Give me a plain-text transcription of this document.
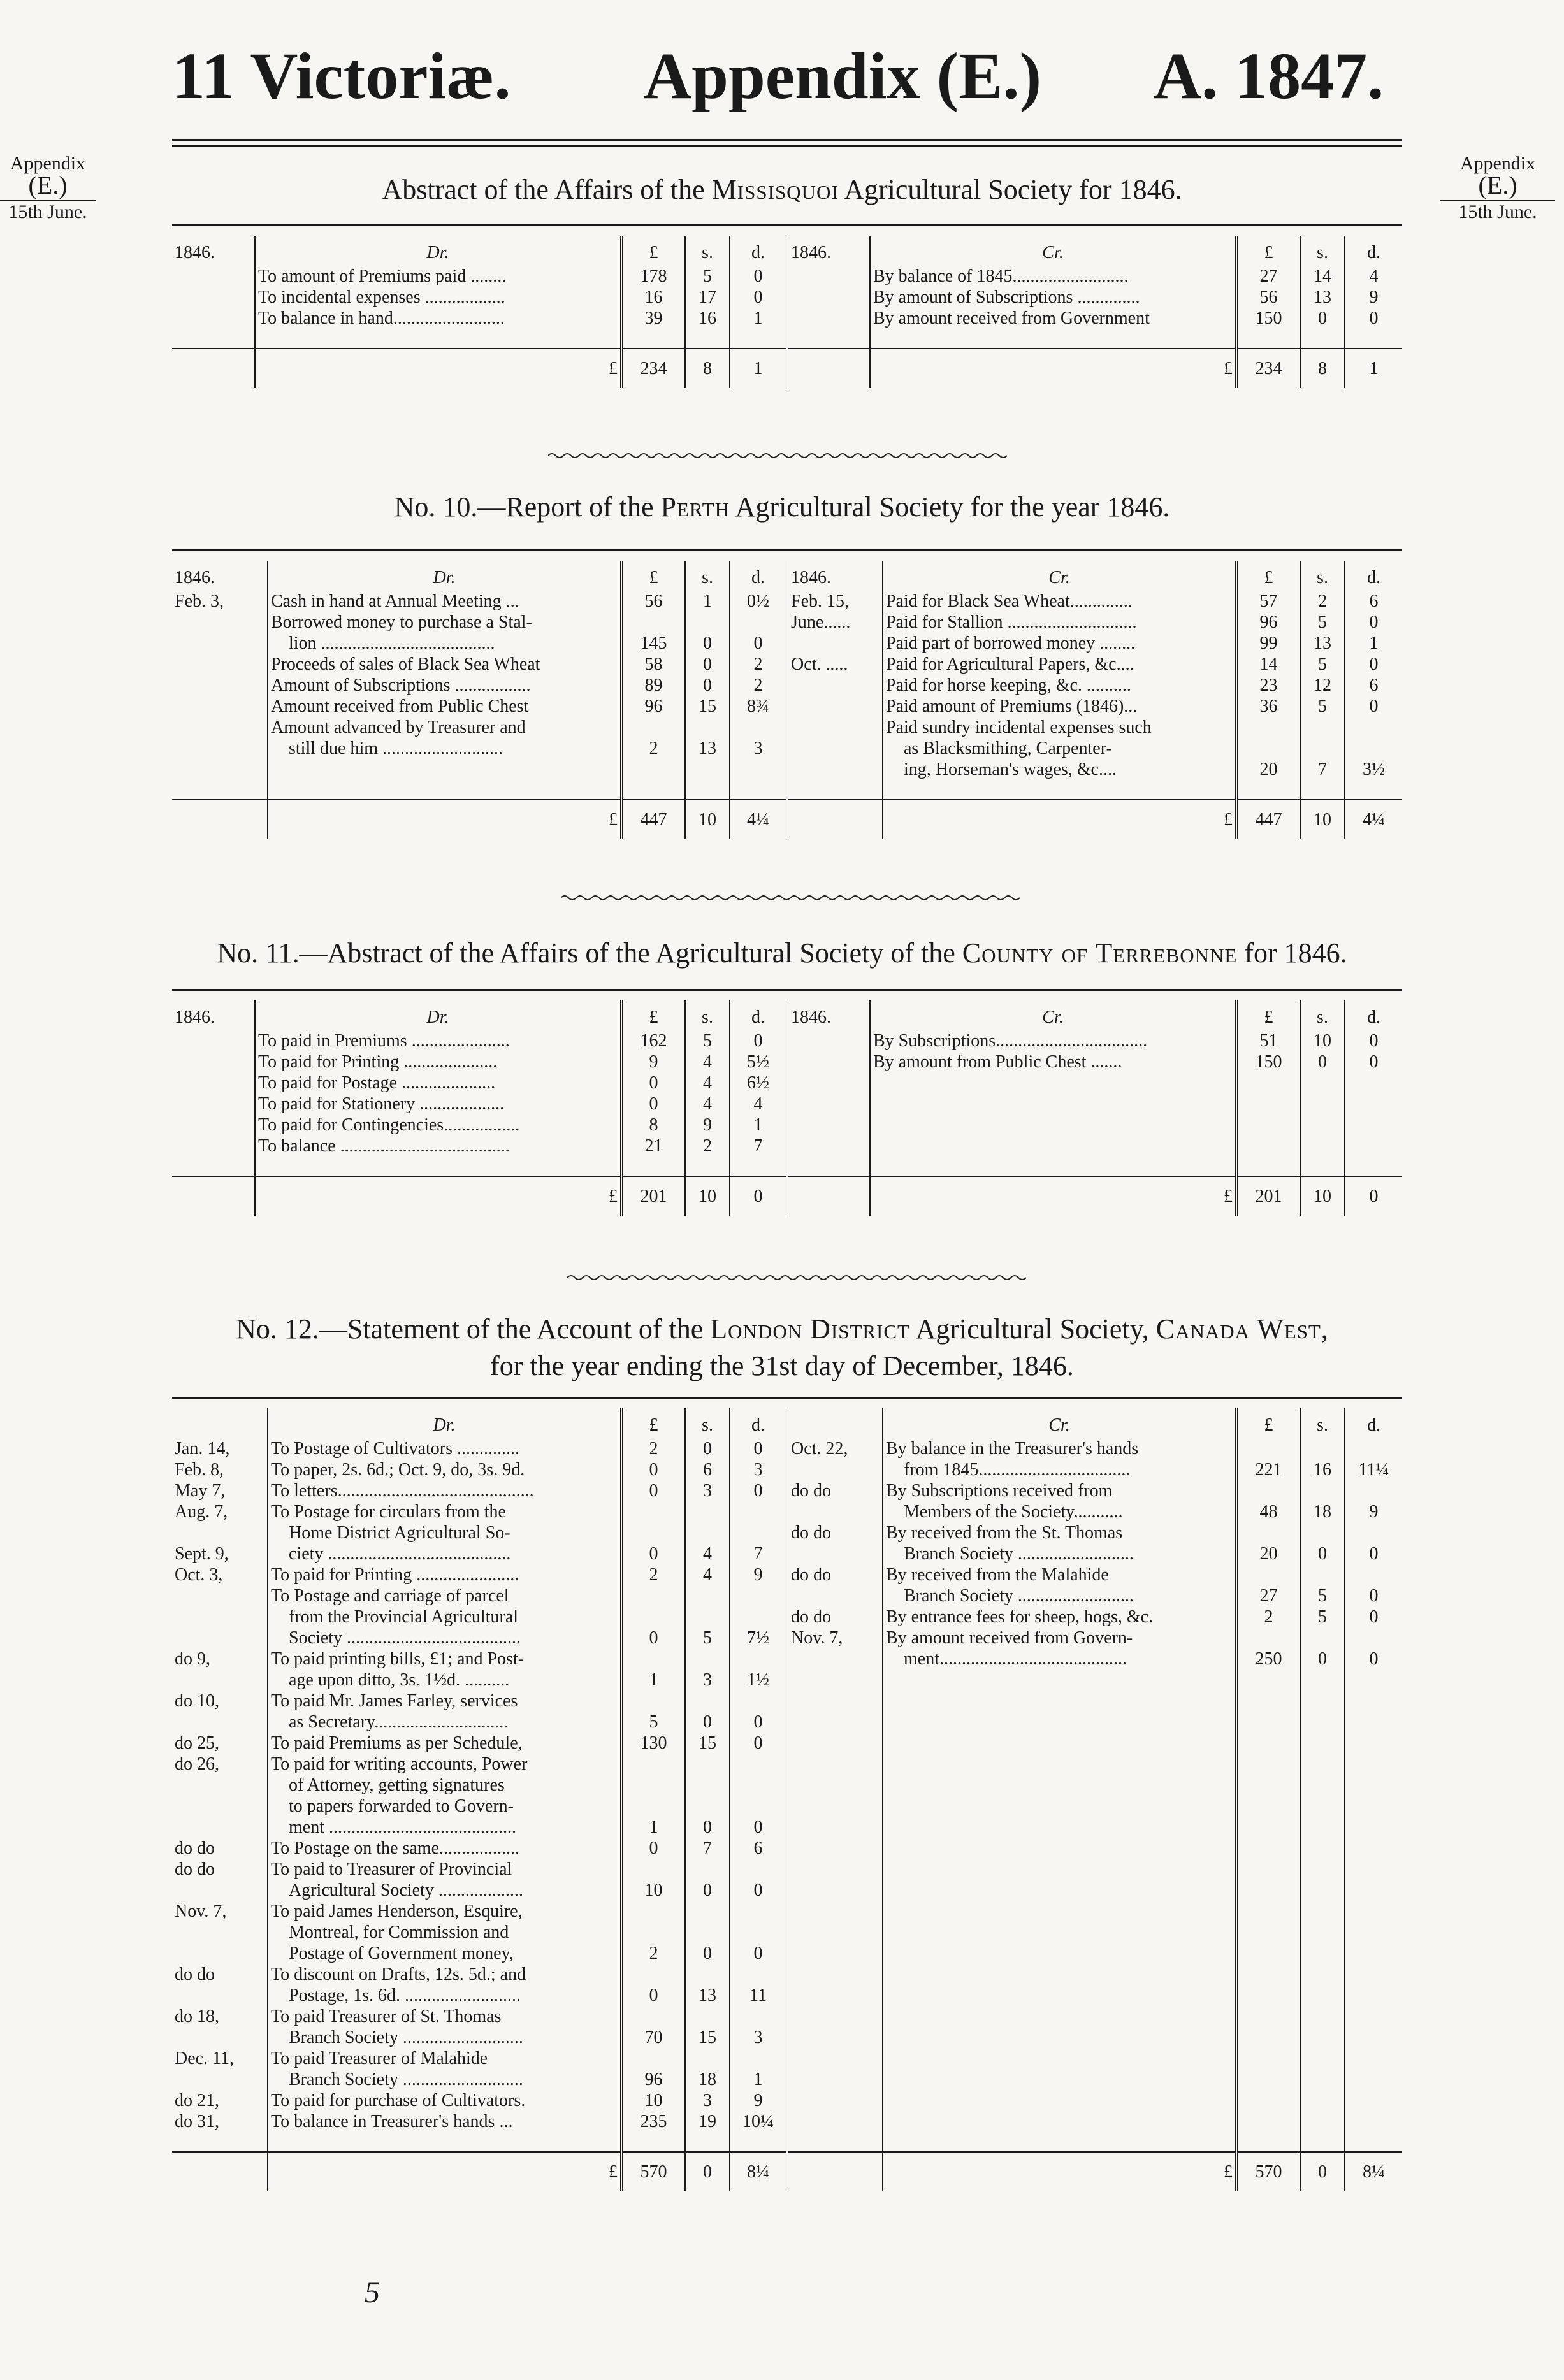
11 Victoriæ. Appendix (E.) A. 1847.
Appendix
(E.)
15th June.
Appendix
(E.)
15th June.
Abstract of the Affairs of the Missisquoi Agricultural Society for 1846.
No. 10.—Report of the Perth Agricultural Society for the year 1846.
No. 11.—Abstract of the Affairs of the Agricultural Society of the County of Terrebonne for 1846.
No. 12.—Statement of the Account of the London District Agricultural Society, Canada West,
for the year ending the 31st day of December, 1846.
1846.	Dr.	£	s.	d.	1846.	Cr.	£	s.	d.
	To amount of Premiums paid ........	178	5	0		By balance of 1845..........................	27	14	4
	To incidental expenses ..................	16	17	0		By amount of Subscriptions ..............	56	13	9
	To balance in hand.........................	39	16	1		By amount received from Government	150	0	0

	£	234	8	1		£	234	8	1
1846.	Dr.	£	s.	d.	1846.	Cr.	£	s.	d.
Feb. 3,	Cash in hand at Annual Meeting ...	56	1	0½	Feb. 15,	Paid for Black Sea Wheat..............	57	2	6
	Borrowed money to purchase a Stal-				June......	Paid for Stallion .............................	96	5	0
	lion .......................................	145	0	0		Paid part of borrowed money ........	99	13	1
	Proceeds of sales of Black Sea Wheat	58	0	2	Oct. .....	Paid for Agricultural Papers, &c....	14	5	0
	Amount of Subscriptions .................	89	0	2		Paid for horse keeping, &c. ..........	23	12	6
	Amount received from Public Chest	96	15	8¾		Paid amount of Premiums (1846)...	36	5	0
	Amount advanced by Treasurer and					Paid sundry incidental expenses such			
	still due him ...........................	2	13	3		as Blacksmithing, Carpenter-			
						ing, Horseman's wages, &c....	20	7	3½

	£	447	10	4¼		£	447	10	4¼
1846.	Dr.	£	s.	d.	1846.	Cr.	£	s.	d.
	To paid in Premiums ......................	162	5	0		By Subscriptions..................................	51	10	0
	To paid for Printing .....................	9	4	5½		By amount from Public Chest .......	150	0	0
	To paid for Postage .....................	0	4	6½					
	To paid for Stationery ...................	0	4	4					
	To paid for Contingencies.................	8	9	1					
	To balance ......................................	21	2	7					

	£	201	10	0		£	201	10	0
	Dr.	£	s.	d.		Cr.	£	s.	d.
Jan. 14,	To Postage of Cultivators ..............	2	0	0	Oct. 22,	By balance in the Treasurer's hands			
Feb. 8,	To paper, 2s. 6d.; Oct. 9, do, 3s. 9d.	0	6	3		from 1845..................................	221	16	11¼
May 7,	To letters............................................	0	3	0	do do	By Subscriptions received from			
Aug. 7,	To Postage for circulars from the					Members of the Society...........	48	18	9
	Home District Agricultural So-				do do	By received from the St. Thomas			
Sept. 9,	ciety .........................................	0	4	7		Branch Society ..........................	20	0	0
Oct. 3,	To paid for Printing .......................	2	4	9	do do	By received from the Malahide			
	To Postage and carriage of parcel					Branch Society ..........................	27	5	0
	from the Provincial Agricultural				do do	By entrance fees for sheep, hogs, &c.	2	5	0
	Society .......................................	0	5	7½	Nov. 7,	By amount received from Govern-			
do 9,	To paid printing bills, £1; and Post-					ment..........................................	250	0	0
	age upon ditto, 3s. 1½d. ..........	1	3	1½					
do 10,	To paid Mr. James Farley, services								
	as Secretary..............................	5	0	0					
do 25,	To paid Premiums as per Schedule,	130	15	0					
do 26,	To paid for writing accounts, Power								
	of Attorney, getting signatures								
	to papers forwarded to Govern-								
	ment ..........................................	1	0	0					
do do	To Postage on the same..................	0	7	6					
do do	To paid to Treasurer of Provincial								
	Agricultural Society ...................	10	0	0					
Nov. 7,	To paid James Henderson, Esquire,								
	Montreal, for Commission and								
	Postage of Government money,	2	0	0					
do do	To discount on Drafts, 12s. 5d.; and								
	Postage, 1s. 6d. ..........................	0	13	11					
do 18,	To paid Treasurer of St. Thomas								
	Branch Society ...........................	70	15	3					
Dec. 11,	To paid Treasurer of Malahide								
	Branch Society ...........................	96	18	1					
do 21,	To paid for purchase of Cultivators.	10	3	9					
do 31,	To balance in Treasurer's hands ...	235	19	10¼					

	£	570	0	8¼		£	570	0	8¼
5
